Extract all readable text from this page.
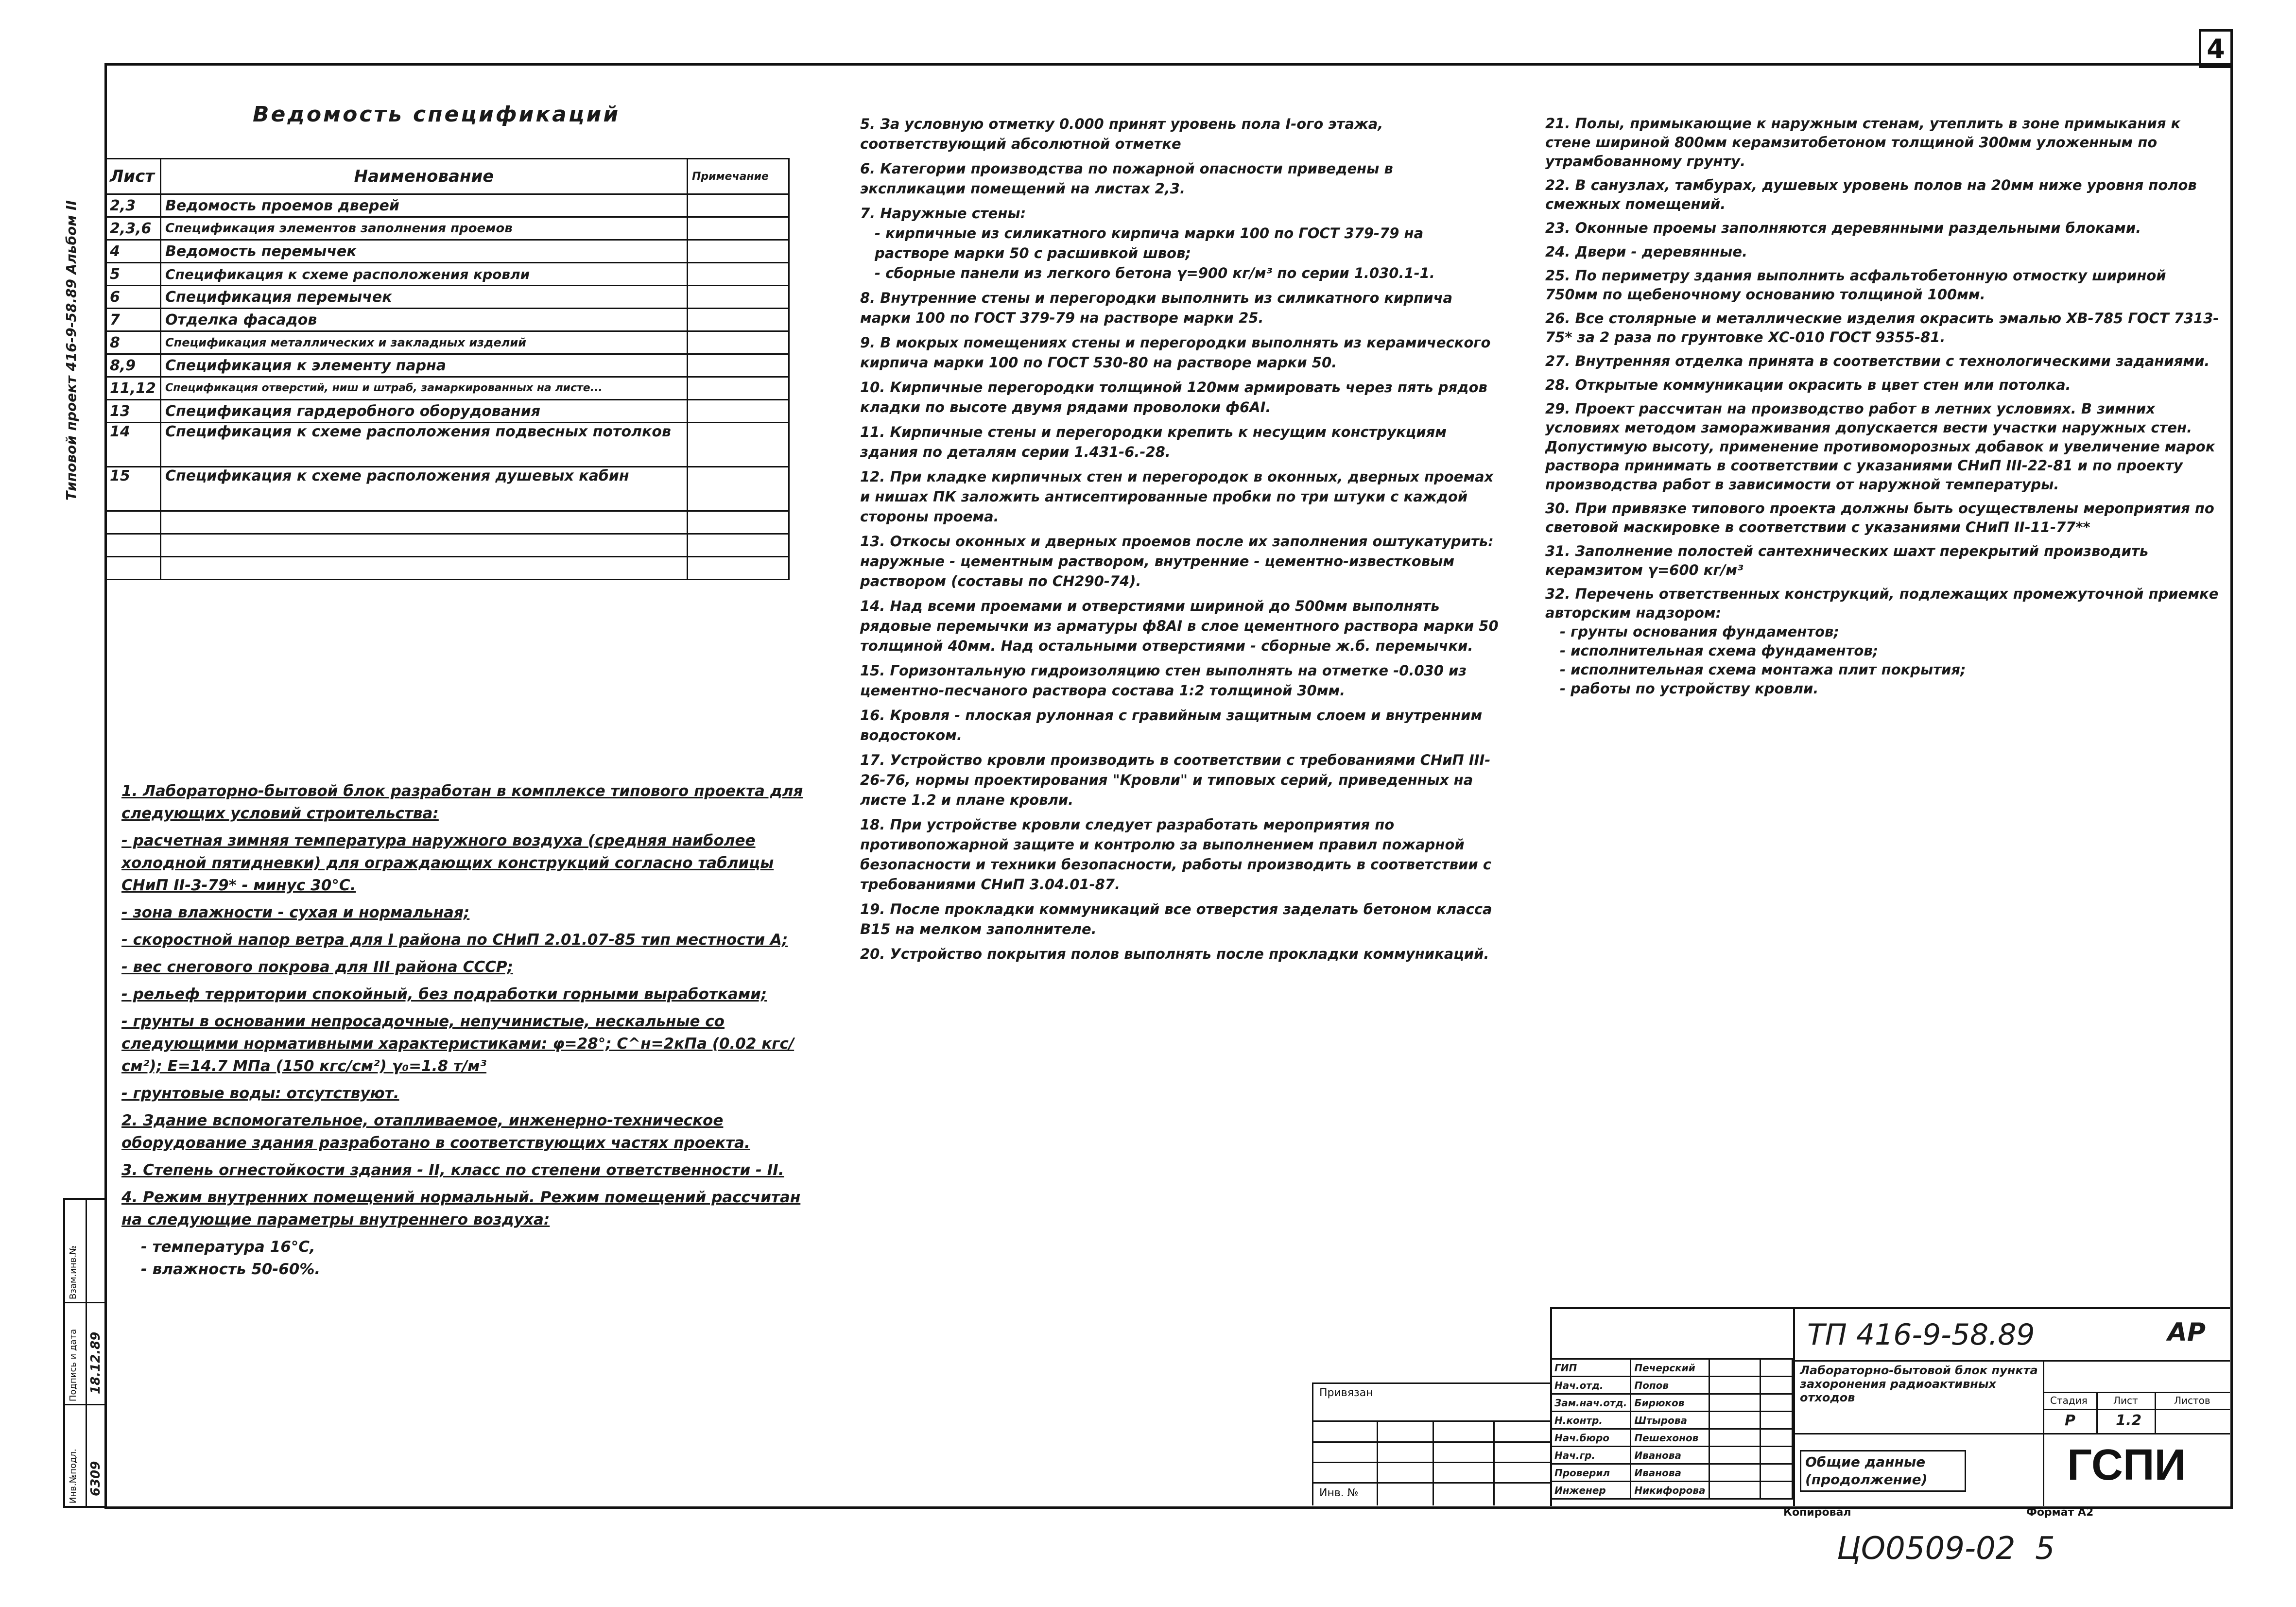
4
Типовой проект 416-9-58.89 Альбом II
Инв.№подл.
Подпись и дата
Взам.инв.№
6309
18.12.89
Ведомость спецификаций
Лист	Наименование	Примечание
2,3	Ведомость проемов дверей	
2,3,6	Спецификация элементов заполнения проемов	
4	Ведомость перемычек	
5	Спецификация к схеме расположения кровли	
6	Спецификация перемычек	
7	Отделка фасадов	
8	Спецификация металлических и закладных изделий	
8,9	Спецификация к элементу парна	
11,12	Спецификация отверстий, ниш и штраб, замаркированных на листе...	
13	Спецификация гардеробного оборудования	
14	Спецификация к схеме расположения подвесных потолков	
15	Спецификация к схеме расположения душевых кабин	

1. Лабораторно-бытовой блок разработан в комплексе типового проекта для следующих условий строительства:

- расчетная зимняя температура наружного воздуха (средняя наиболее холодной пятидневки) для ограждающих конструкций согласно таблицы СНиП II-3-79* - минус 30°С.

- зона влажности - сухая и нормальная;

- скоростной напор ветра для I района по СНиП 2.01.07-85 тип местности А;

- вес снегового покрова для III района СССР;

- рельеф территории спокойный, без подработки горными выработками;

- грунты в основании непросадочные, непучинистые, нескальные со следующими нормативными характеристиками: φ=28°; С^н=2кПа (0.02 кгс/см²); Е=14.7 МПа (150 кгс/см²) γ₀=1.8 т/м³

- грунтовые воды: отсутствуют.

2. Здание вспомогательное, отапливаемое, инженерно-техническое оборудование здания разработано в соответствующих частях проекта.

3. Степень огнестойкости здания - II, класс по степени ответственности - II.

4. Режим внутренних помещений нормальный. Режим помещений рассчитан на следующие параметры внутреннего воздуха:

- температура 16°С,

- влажность 50-60%.

5. За условную отметку 0.000 принят уровень пола I-ого этажа, соответствующий абсолютной отметке

6. Категории производства по пожарной опасности приведены в экспликации помещений на листах 2,3.

7. Наружные стены:

- кирпичные из силикатного кирпича марки 100 по ГОСТ 379-79 на растворе марки 50 с расшивкой швов;

- сборные панели из легкого бетона γ=900 кг/м³ по серии 1.030.1-1.

8. Внутренние стены и перегородки выполнить из силикатного кирпича марки 100 по ГОСТ 379-79 на растворе марки 25.

9. В мокрых помещениях стены и перегородки выполнять из керамического кирпича марки 100 по ГОСТ 530-80 на растворе марки 50.

10. Кирпичные перегородки толщиной 120мм армировать через пять рядов кладки по высоте двумя рядами проволоки ф6АI.

11. Кирпичные стены и перегородки крепить к несущим конструкциям здания по деталям серии 1.431-6.-28.

12. При кладке кирпичных стен и перегородок в оконных, дверных проемах и нишах ПК заложить антисептированные пробки по три штуки с каждой стороны проема.

13. Откосы оконных и дверных проемов после их заполнения оштукатурить: наружные - цементным раствором, внутренние - цементно-известковым раствором (составы по СН290-74).

14. Над всеми проемами и отверстиями шириной до 500мм выполнять рядовые перемычки из арматуры ф8АI в слое цементного раствора марки 50 толщиной 40мм. Над остальными отверстиями - сборные ж.б. перемычки.

15. Горизонтальную гидроизоляцию стен выполнять на отметке -0.030 из цементно-песчаного раствора состава 1:2 толщиной 30мм.

16. Кровля - плоская рулонная с гравийным защитным слоем и внутренним водостоком.

17. Устройство кровли производить в соответствии с требованиями СНиП III-26-76, нормы проектирования "Кровли" и типовых серий, приведенных на листе 1.2 и плане кровли.

18. При устройстве кровли следует разработать мероприятия по противопожарной защите и контролю за выполнением правил пожарной безопасности и техники безопасности, работы производить в соответствии с требованиями СНиП 3.04.01-87.

19. После прокладки коммуникаций все отверстия заделать бетоном класса В15 на мелком заполнителе.

20. Устройство покрытия полов выполнять после прокладки коммуникаций.

21. Полы, примыкающие к наружным стенам, утеплить в зоне примыкания к стене шириной 800мм керамзитобетоном толщиной 300мм уложенным по утрамбованному грунту.

22. В санузлах, тамбурах, душевых уровень полов на 20мм ниже уровня полов смежных помещений.

23. Оконные проемы заполняются деревянными раздельными блоками.

24. Двери - деревянные.

25. По периметру здания выполнить асфальтобетонную отмостку шириной 750мм по щебеночному основанию толщиной 100мм.

26. Все столярные и металлические изделия окрасить эмалью ХВ-785 ГОСТ 7313-75* за 2 раза по грунтовке ХС-010 ГОСТ 9355-81.

27. Внутренняя отделка принята в соответствии с технологическими заданиями.

28. Открытые коммуникации окрасить в цвет стен или потолка.

29. Проект рассчитан на производство работ в летних условиях. В зимних условиях методом замораживания допускается вести участки наружных стен. Допустимую высоту, применение противоморозных добавок и увеличение марок раствора принимать в соответствии с указаниями СНиП III-22-81 и по проекту производства работ в зависимости от наружной температуры.

30. При привязке типового проекта должны быть осуществлены мероприятия по световой маскировке в соответствии с указаниями СНиП II-11-77**

31. Заполнение полостей сантехнических шахт перекрытий производить керамзитом γ=600 кг/м³

32. Перечень ответственных конструкций, подлежащих промежуточной приемке авторским надзором:

- грунты основания фундаментов;

- исполнительная схема фундаментов;

- исполнительная схема монтажа плит покрытия;

- работы по устройству кровли.

Привязан
Инв. №
ГИП	Печерский		
Нач.отд.	Попов		
Зам.нач.отд.	Бирюков		
Н.контр.	Штырова		
Нач.бюро	Пешехонов		
Нач.гр.	Иванова		
Проверил	Иванова		
Инженер	Никифорова		
ТП 416-9-58.89	АР
Лабораторно-бытовой блок пункта захоронения радиоактивных отходов	Стадия	Лист	Листов
Р	1.2
Общие данные (продолжение)	ГСПИ
Копировал	Формат А2
ЦО0509-02  5
